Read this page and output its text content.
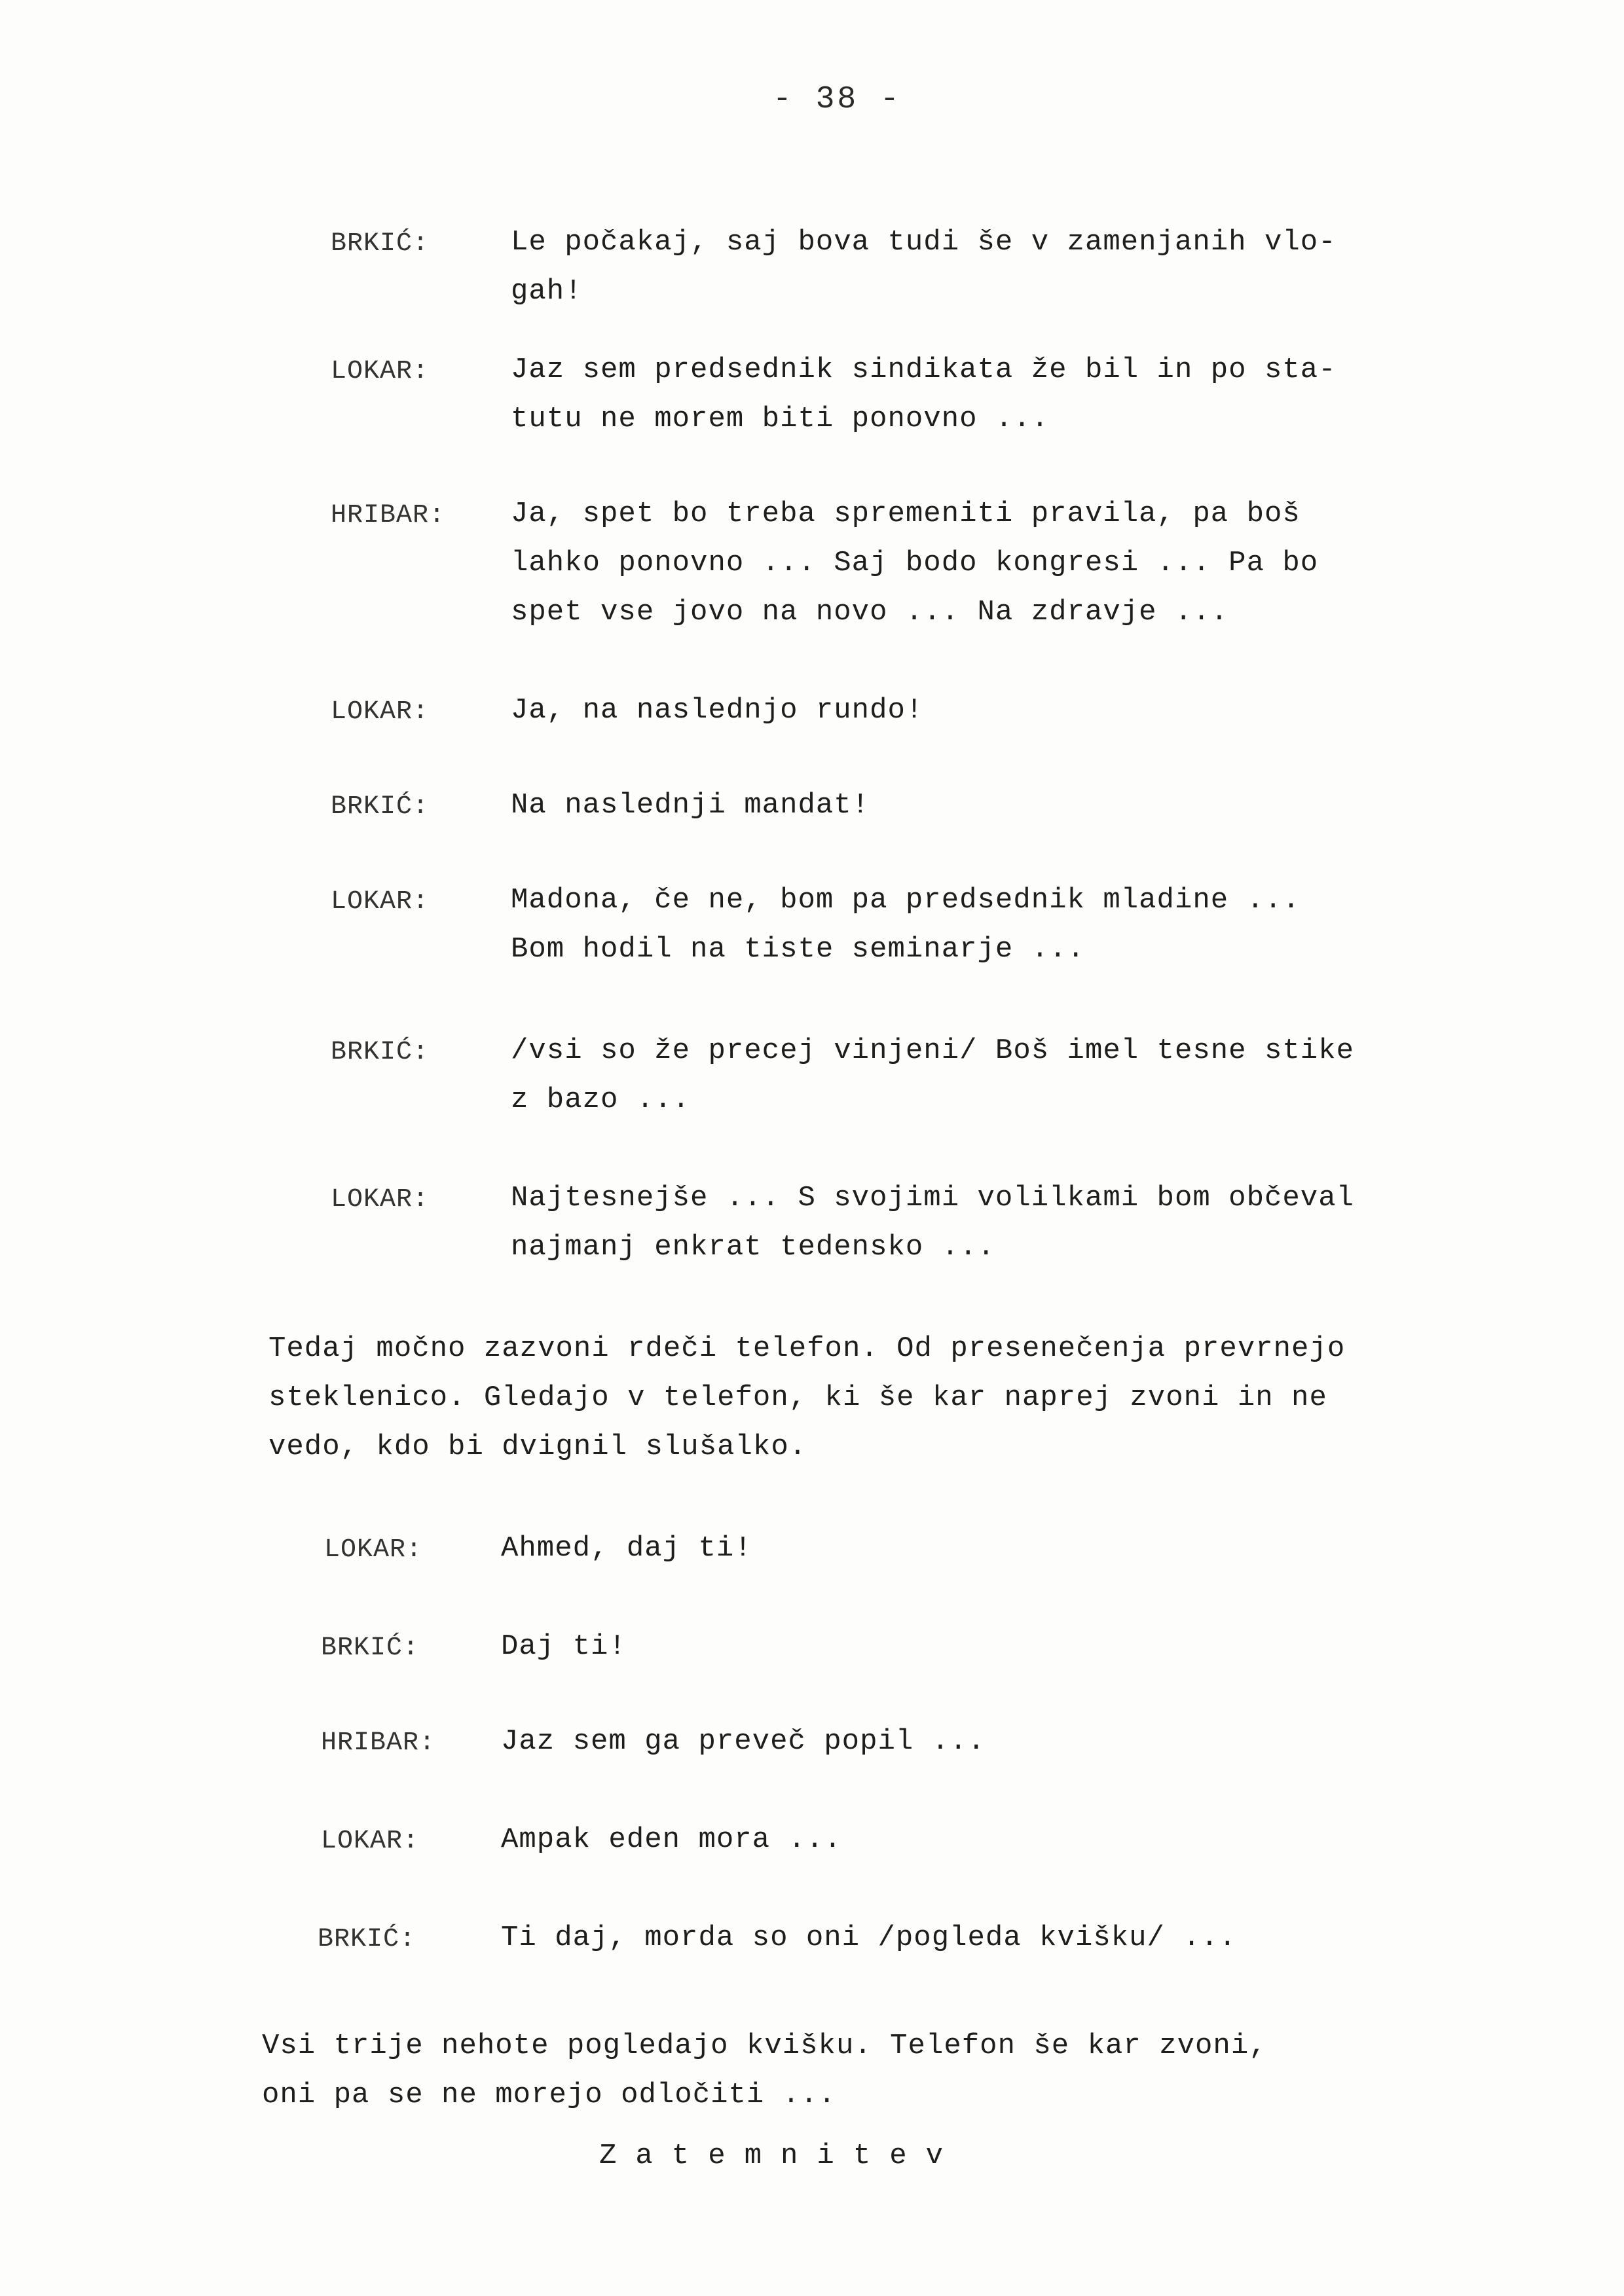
- 38 -
BRKIĆ:	Le počakaj, saj bova tudi še v zamenjanih vlo-
gah!
LOKAR:	Jaz sem predsednik sindikata že bil in po sta-
tutu ne morem biti ponovno ...
HRIBAR: Ja, spet bo treba spremeniti pravila, pa boš
lahko ponovno ... Saj bodo kongresi ... Pa bo
spet vse jovo na novo ... Na zdravje ...
LOKAR:	Ja, na naslednjo rundo!
BRKIĆ:	Na naslednji mandat!
LOKAR:	Madona, če ne, bom pa predsednik mladine ...
Bom hodil na tiste seminarje ...
BRKIĆ:	/vsi so že precej vinjeni/ Boš imel tesne stike
z bazo ...
LOKAR:	Najtesnejše ... S svojimi volilkami bom občeval
najmanj enkrat tedensko ...
Tedaj močno zazvoni rdeči telefon. Od presenečenja prevrnejo
steklenico. Gledajo v telefon, ki še kar naprej zvoni in ne
vedo, kdo bi dvignil slušalko.
LOKAR:	Ahmed, daj ti!
BRKIĆ:	Daj ti!
HRIBAR: Jaz sem ga preveč popil ...
LOKAR:	Ampak eden mora ...
BRKIĆ:	Ti daj, morda so oni /pogleda kvišku/ ...
Vsi trije nehote pogledajo kvišku. Telefon še kar zvoni,
oni pa se ne morejo odločiti ...
Zatemnitev
